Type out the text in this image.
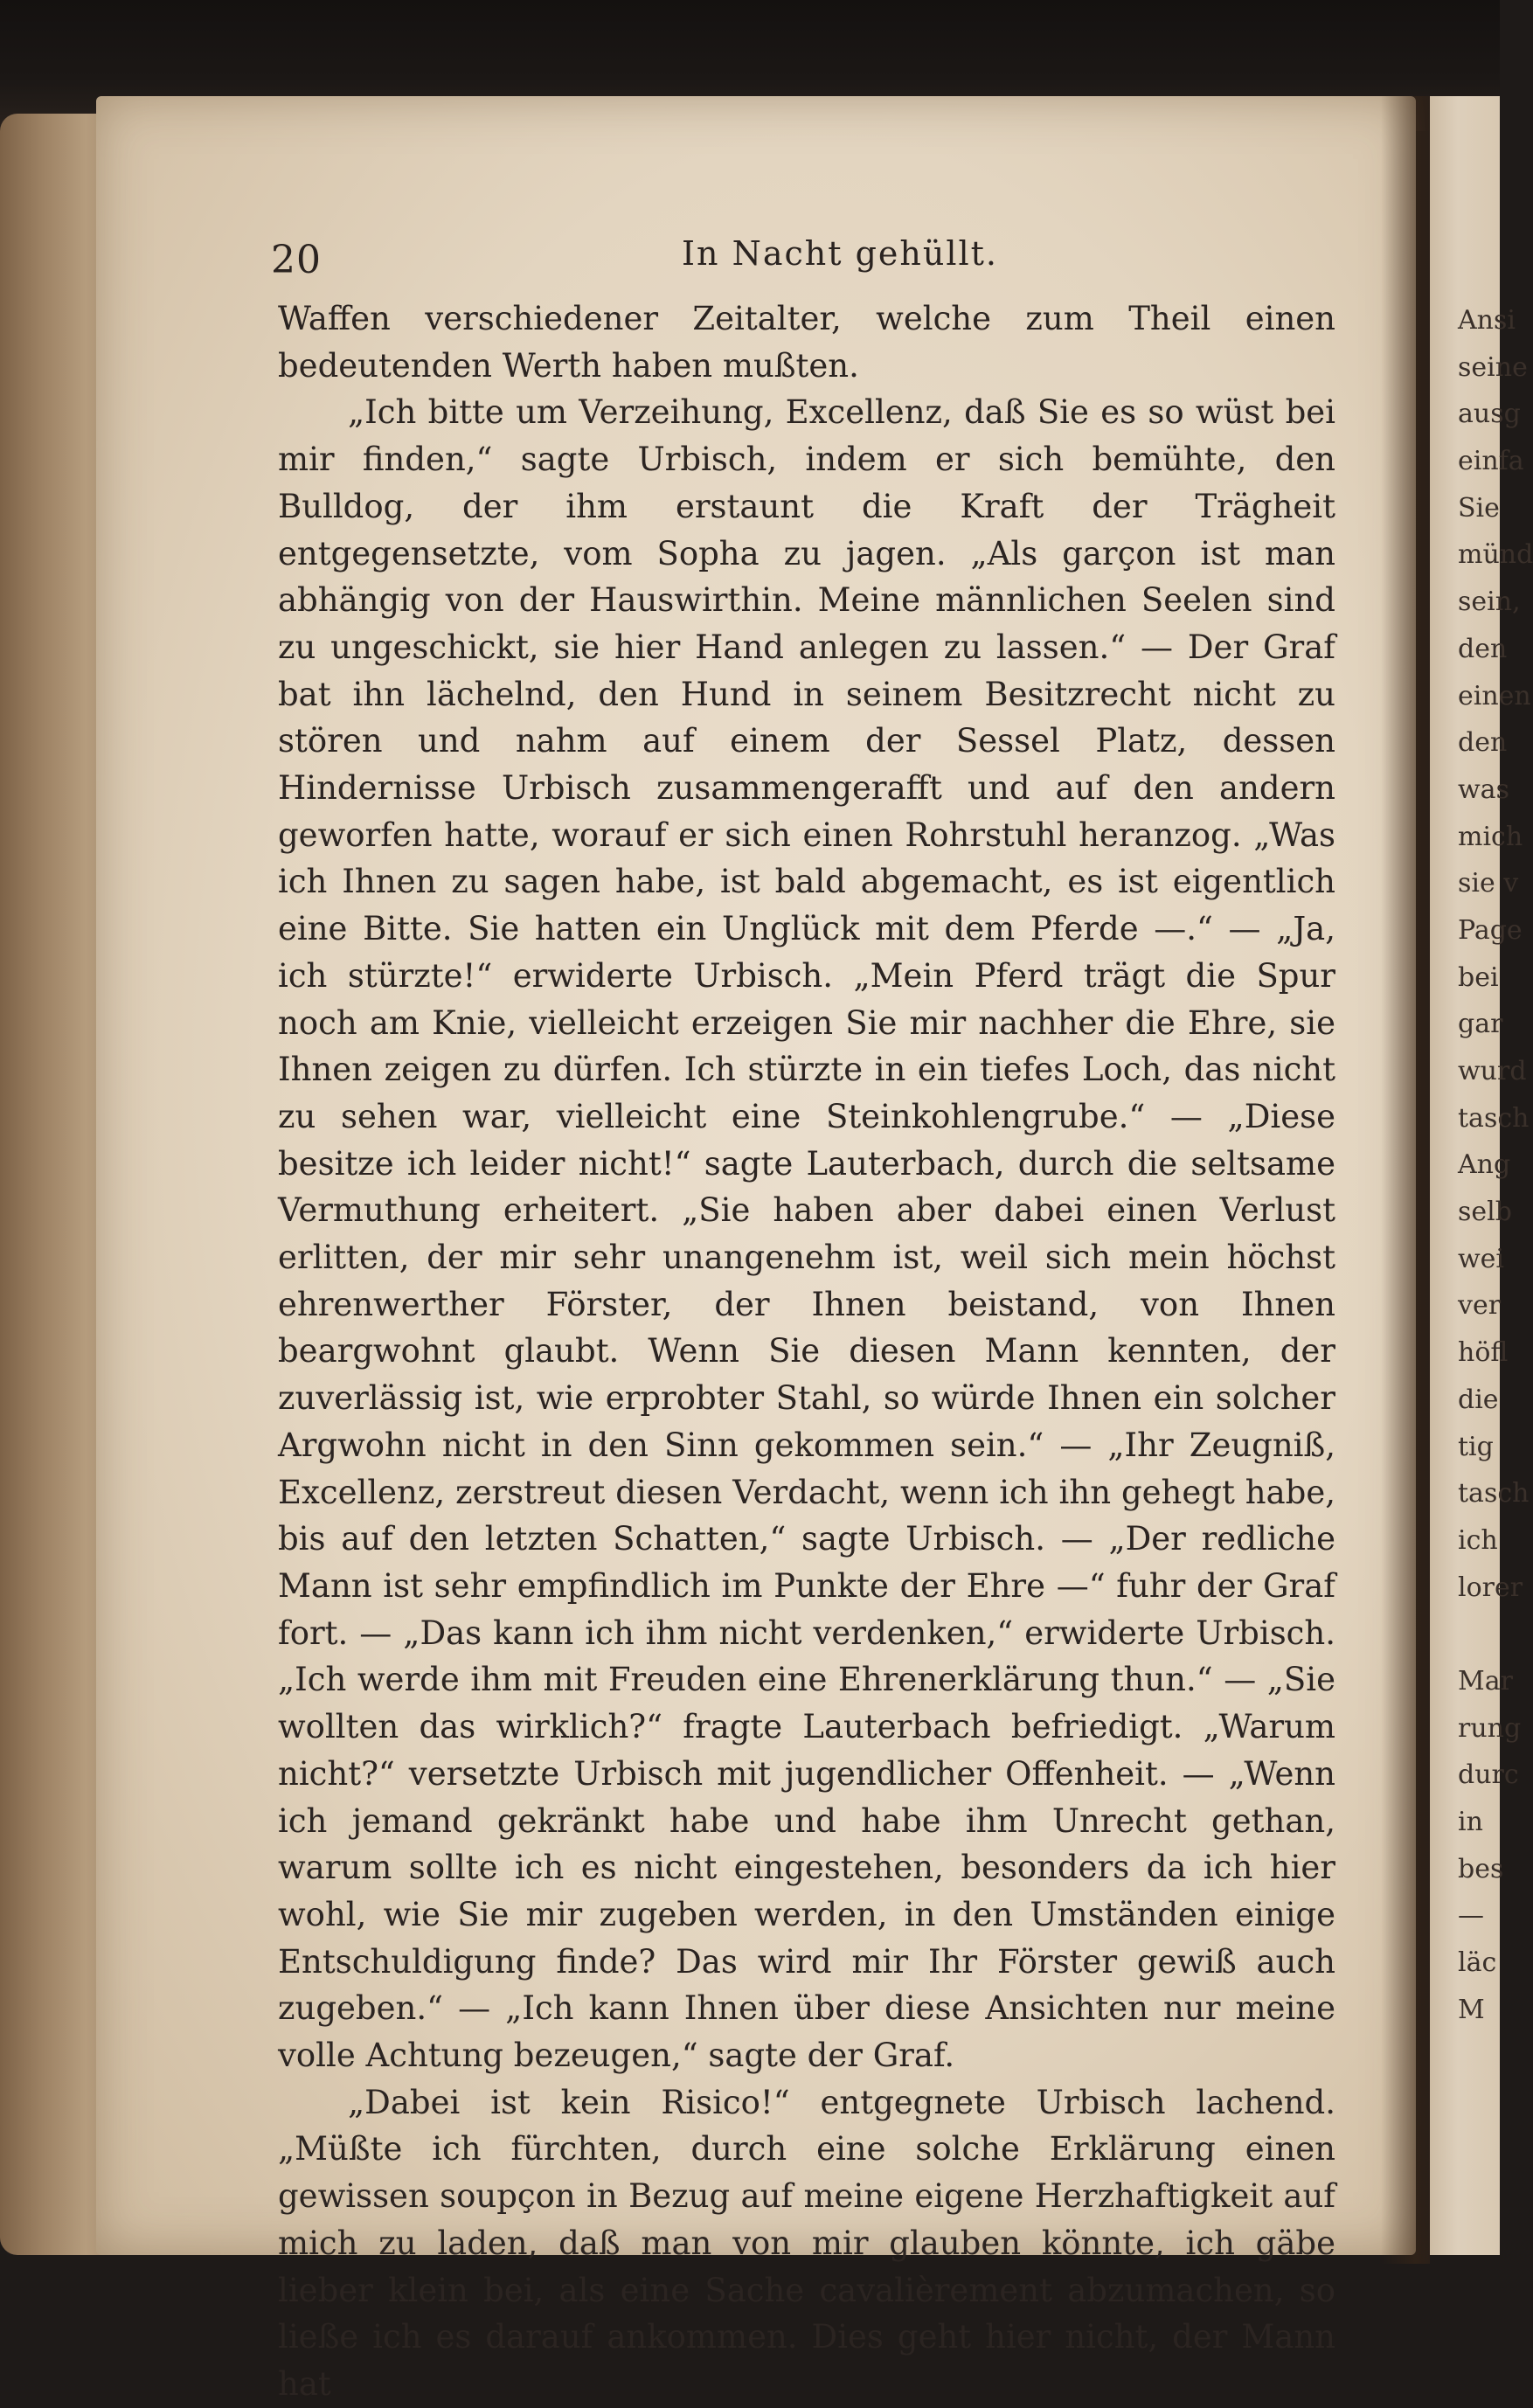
20	In Nacht gehüllt.

Waffen verschiedener Zeitalter, welche zum Theil einen bedeutenden Werth haben mußten.

„Ich bitte um Verzeihung, Excellenz, daß Sie es so wüst bei mir finden,“ sagte Urbisch, indem er sich bemühte, den Bulldog, der ihm erstaunt die Kraft der Trägheit entgegensetzte, vom Sopha zu jagen. „Als garçon ist man abhängig von der Hauswirthin. Meine männlichen Seelen sind zu ungeschickt, sie hier Hand anlegen zu lassen.“ — Der Graf bat ihn lächelnd, den Hund in seinem Besitzrecht nicht zu stören und nahm auf einem der Sessel Platz, dessen Hindernisse Urbisch zusammengerafft und auf den andern geworfen hatte, worauf er sich einen Rohrstuhl heranzog. „Was ich Ihnen zu sagen habe, ist bald abgemacht, es ist eigentlich eine Bitte. Sie hatten ein Unglück mit dem Pferde —.“ — „Ja, ich stürzte!“ erwiderte Urbisch. „Mein Pferd trägt die Spur noch am Knie, vielleicht erzeigen Sie mir nachher die Ehre, sie Ihnen zeigen zu dürfen. Ich stürzte in ein tiefes Loch, das nicht zu sehen war, vielleicht eine Steinkohlengrube.“ — „Diese besitze ich leider nicht!“ sagte Lauterbach, durch die seltsame Vermuthung erheitert. „Sie haben aber dabei einen Verlust erlitten, der mir sehr unangenehm ist, weil sich mein höchst ehrenwerther Förster, der Ihnen beistand, von Ihnen beargwohnt glaubt. Wenn Sie diesen Mann kennten, der zuverlässig ist, wie erprobter Stahl, so würde Ihnen ein solcher Argwohn nicht in den Sinn gekommen sein.“ — „Ihr Zeugniß, Excellenz, zerstreut diesen Verdacht, wenn ich ihn gehegt habe, bis auf den letzten Schatten,“ sagte Urbisch. — „Der redliche Mann ist sehr empfindlich im Punkte der Ehre —“ fuhr der Graf fort. — „Das kann ich ihm nicht verdenken,“ erwiderte Urbisch. „Ich werde ihm mit Freuden eine Ehrenerklärung thun.“ — „Sie wollten das wirklich?“ fragte Lauterbach befriedigt. „Warum nicht?“ versetzte Urbisch mit jugendlicher Offenheit. — „Wenn ich jemand gekränkt habe und habe ihm Unrecht gethan, warum sollte ich es nicht eingestehen, besonders da ich hier wohl, wie Sie mir zugeben werden, in den Umständen einige Entschuldigung finde? Das wird mir Ihr Förster gewiß auch zugeben.“ — „Ich kann Ihnen über diese Ansichten nur meine volle Achtung bezeugen,“ sagte der Graf.

„Dabei ist kein Risico!“ entgegnete Urbisch lachend. „Müßte ich fürchten, durch eine solche Erklärung einen gewissen soupçon in Bezug auf meine eigene Herzhaftigkeit auf mich zu laden, daß man von mir glauben könnte, ich gäbe lieber klein bei, als eine Sache cavalièrement abzumachen, so ließe ich es darauf ankommen. Dies geht hier nicht, der Mann hat

Ansi
seine
ausg
einfa
Sie
münd
sein,
den
einen
den
was
mich
sie v
Page
bei
gar
wurd
tasch
Ang
selb
wei
ver
höfl
die
tig
tasch
ich
lorer
Mar
rung
durc
in
bes
—
läc
M
